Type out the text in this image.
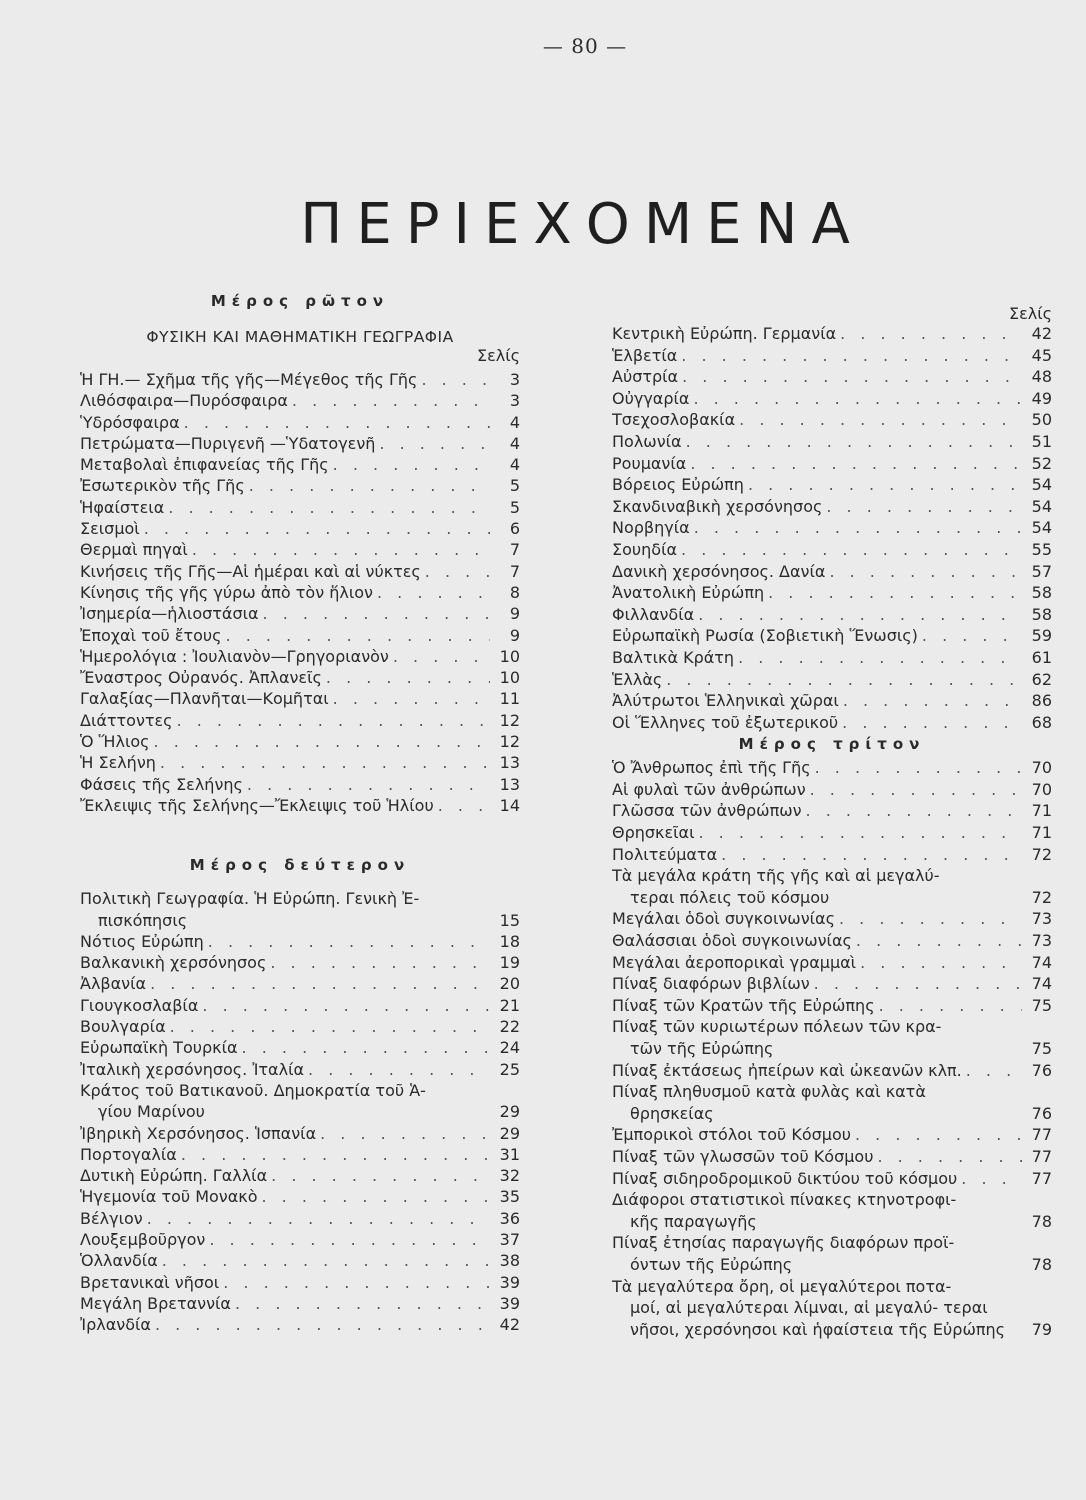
— 80 —
ΠΕΡΙΕΧΟΜΕΝΑ

Μέρος ρῶτον

ΦΥΣΙΚΗ ΚΑΙ ΜΑΘΗΜΑΤΙΚΗ ΓΕΩΓΡΑΦΙΑ
Σελίς
Ἡ ΓΗ.— Σχῆμα τῆς γῆς—Μέγεθος τῆς Γῆς . . .	3
Λιθόσφαιρα—Πυρόσφαιρα . . .	3
Ὑδρόσφαιρα . . .	4
Πετρώματα—Πυριγενῆ —Ὑδατογενῆ . . .	4
Μεταβολαὶ ἐπιφανείας τῆς Γῆς . . .	4
Ἐσωτερικὸν τῆς Γῆς . . .	5
Ἡφαίστεια . . .	5
Σεισμοὶ . . .	6
Θερμαὶ πηγαὶ . . .	7
Κινήσεις τῆς Γῆς—Αἱ ἡμέραι καὶ αἱ νύκτες . . .	7
Κίνησις τῆς γῆς γύρω ἀπὸ τὸν ἥλιον . . .	8
Ἰσημερία—ἡλιοστάσια . . .	9
Ἐποχαὶ τοῦ ἔτους . . .	9
Ἡμερολόγια : Ἰουλιανὸν—Γρηγοριανὸν . . .	10
Ἔναστρος Οὐρανός. Ἀπλανεῖς . . .	10
Γαλαξίας—Πλανῆται—Κομῆται . . .	11
Διάττοντες . . .	12
Ὁ Ἥλιος . . .	12
Ἡ Σελήνη . . .	13
Φάσεις τῆς Σελήνης . . .	13
Ἔκλειψις τῆς Σελήνης—Ἔκλειψις τοῦ Ἡλίου . . .	14

Μέρος δεύτερον

Πολιτικὴ Γεωγραφία. Ἡ Εὐρώπη. Γενικὴ Ἐ-
πισκόπησις	15
Νότιος Εὐρώπη . . .	18
Βαλκανικὴ χερσόνησος . . .	19
Ἀλβανία . . .	20
Γιουγκοσλαβία . . .	21
Βουλγαρία . . .	22
Εὐρωπαϊκὴ Τουρκία . . .	24
Ἰταλικὴ χερσόνησος. Ἰταλία . . .	25
Κράτος τοῦ Βατικανοῦ. Δημοκρατία τοῦ Ἁ-
γίου Μαρίνου	29
Ἰβηρικὴ Χερσόνησος. Ἱσπανία . . .	29
Πορτογαλία . . .	31
Δυτικὴ Εὐρώπη. Γαλλία . . .	32
Ἡγεμονία τοῦ Μονακὸ . . .	35
Βέλγιον . . .	36
Λουξεμβοῦργον . . .	37
Ὁλλανδία . . .	38
Βρετανικαὶ νῆσοι . . .	39
Μεγάλη Βρεταννία . . .	39
Ἰρλανδία . . .	42
Σελίς
Κεντρικὴ Εὐρώπη. Γερμανία . . .	42
Ἑλβετία . . .	45
Αὐστρία . . .	48
Οὐγγαρία . . .	49
Τσεχοσλοβακία . . .	50
Πολωνία . . .	51
Ρουμανία . . .	52
Βόρειος Εὐρώπη . . .	54
Σκανδιναβικὴ χερσόνησος . . .	54
Νορβηγία . . .	54
Σουηδία . . .	55
Δανικὴ χερσόνησος. Δανία . . .	57
Ἀνατολικὴ Εὐρώπη . . .	58
Φιλλανδία . . .	58
Εὐρωπαϊκὴ Ρωσία (Σοβιετικὴ Ἕνωσις) . . .	59
Βαλτικὰ Κράτη . . .	61
Ἑλλὰς . . .	62
Ἀλύτρωτοι Ἑλληνικαὶ χῶραι . . .	86
Οἱ Ἕλληνες τοῦ ἐξωτερικοῦ . . .	68

Μέρος τρίτον

Ὁ Ἄνθρωπος ἐπὶ τῆς Γῆς . . .	70
Αἱ φυλαὶ τῶν ἀνθρώπων . . .	70
Γλῶσσα τῶν ἀνθρώπων . . .	71
Θρησκεῖαι . . .	71
Πολιτεύματα . . .	72
Τὰ μεγάλα κράτη τῆς γῆς καὶ αἱ μεγαλύ-
τεραι πόλεις τοῦ κόσμου	72
Μεγάλαι ὁδοὶ συγκοινωνίας . . .	73
Θαλάσσιαι ὁδοὶ συγκοινωνίας . . .	73
Μεγάλαι ἀεροπορικαὶ γραμμαὶ . . .	74
Πίναξ διαφόρων βιβλίων . . .	74
Πίναξ τῶν Κρατῶν τῆς Εὐρώπης . . .	75
Πίναξ τῶν κυριωτέρων πόλεων τῶν κρα-
τῶν τῆς Εὐρώπης	75
Πίναξ ἐκτάσεως ἠπείρων καὶ ὠκεανῶν κλπ. . . .	76
Πίναξ πληθυσμοῦ κατὰ φυλὰς καὶ κατὰ
θρησκείας	76
Ἐμπορικοὶ στόλοι τοῦ Κόσμου . . .	77
Πίναξ τῶν γλωσσῶν τοῦ Κόσμου . . .	77
Πίναξ σιδηροδρομικοῦ δικτύου τοῦ κόσμου . . .	77
Διάφοροι στατιστικοὶ πίνακες κτηνοτροφι-
κῆς παραγωγῆς	78
Πίναξ ἐτησίας παραγωγῆς διαφόρων προϊ-
όντων τῆς Εὐρώπης	78
Τὰ μεγαλύτερα ὄρη, οἱ μεγαλύτεροι ποτα-
μοί, αἱ μεγαλύτεραι λίμναι, αἱ μεγαλύ- τεραι νῆσοι, χερσόνησοι καὶ ἡφαίστεια τῆς Εὐρώπης	79
